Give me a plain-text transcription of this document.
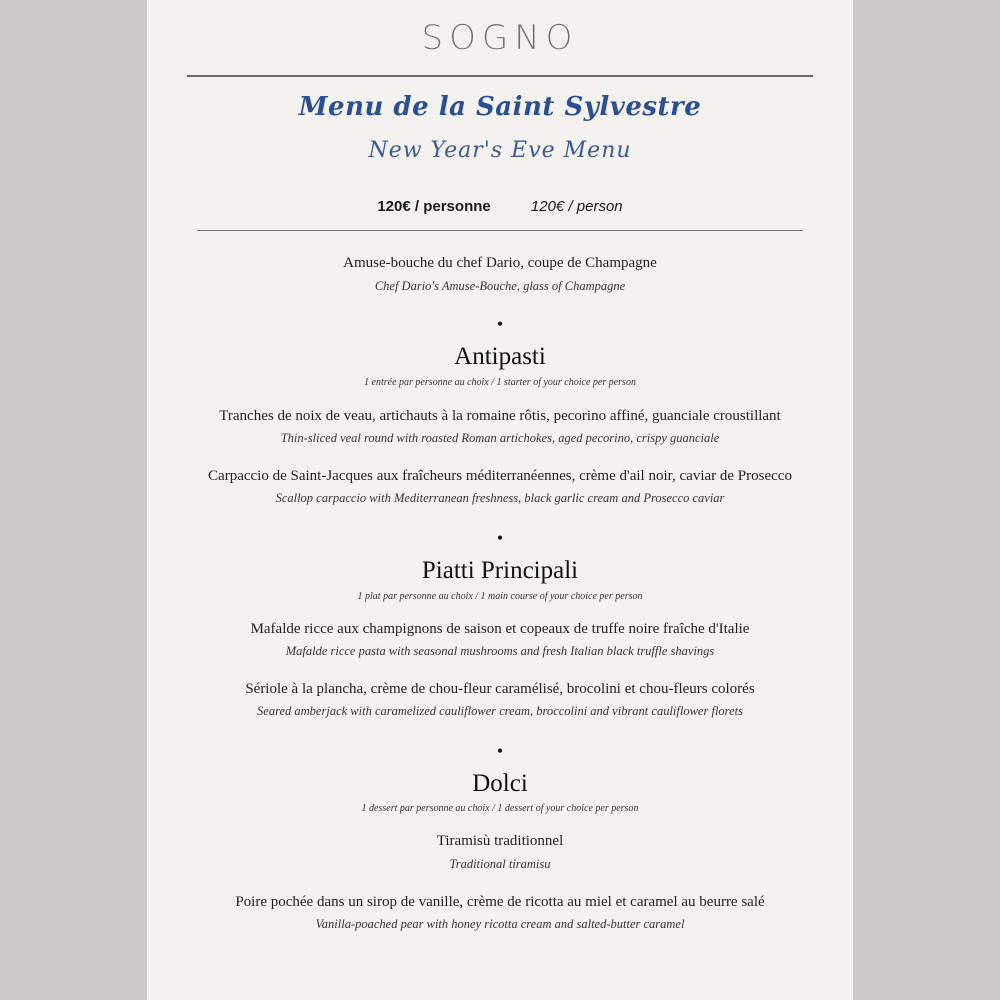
SOGNO
Menu de la Saint Sylvestre
New Year's Eve Menu
120€ / personne	120€ / person
Amuse-bouche du chef Dario, coupe de Champagne
Chef Dario's Amuse-Bouche, glass of Champagne
•
Antipasti
1 entrée par personne au choix / 1 starter of your choice per person
Tranches de noix de veau, artichauts à la romaine rôtis, pecorino affiné, guanciale croustillant
Thin-sliced veal round with roasted Roman artichokes, aged pecorino, crispy guanciale
Carpaccio de Saint-Jacques aux fraîcheurs méditerranéennes, crème d'ail noir, caviar de Prosecco
Scallop carpaccio with Mediterranean freshness, black garlic cream and Prosecco caviar
•
Piatti Principali
1 plat par personne au choix / 1 main course of your choice per person
Mafalde ricce aux champignons de saison et copeaux de truffe noire fraîche d'Italie
Mafalde ricce pasta with seasonal mushrooms and fresh Italian black truffle shavings
Sériole à la plancha, crème de chou-fleur caramélisé, brocolini et chou-fleurs colorés
Seared amberjack with caramelized cauliflower cream, broccolini and vibrant cauliflower florets
•
Dolci
1 dessert par personne au choix / 1 dessert of your choice per person
Tiramisù traditionnel
Traditional tiramisu
Poire pochée dans un sirop de vanille, crème de ricotta au miel et caramel au beurre salé
Vanilla-poached pear with honey ricotta cream and salted-butter caramel
